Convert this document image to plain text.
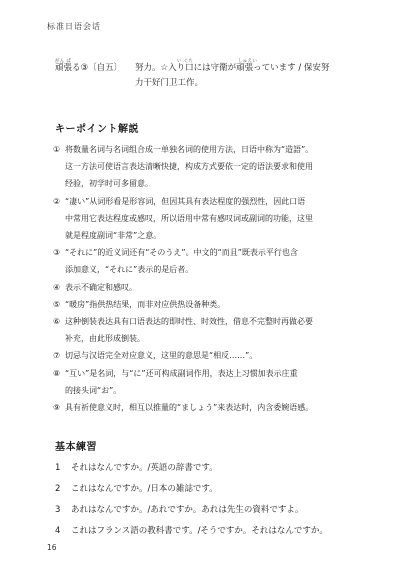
标准日语会话
がん ぱ
頑張る③〔自五〕
い ぐち	しゅえい
努力。☆入り口には守衛が頑張っています / 保安努
力干好门卫工作。
キーポイント解説
① 将数量名词与名词组合成一单独名词的使用方法，日语中称为“造語”。
这一方法可使语言表达清晰快捷，构成方式要依一定的语法要求和使用
经验，初学时可多留意。
② “凄い”从词形看是形容词，但因其具有表达程度的强烈性，因此口语
中常用它表达程度或感叹，所以语用中常有感叹词或副词的功能，这里
就是程度副词“非常”之意。
③ “それに”的近义词还有“そのうえ”。中文的“而且”既表示平行也含
添加意义，“それに”表示的是后者。
④ 表示不确定和感叹。
⑤ “暖房”指供热结果，而非对应供热设备种类。
⑥ 这种倒装表达具有口语表达的即时性、时效性，借息不完整时再做必要
补充，由此形成倒装。
⑦ 切忌与汉语完全对应意义，这里的意思是“相反……”。
⑧ “互い”是名词，与“に”还可构成副词作用，表达上习惯加表示庄重
的接头词“お”。
⑨ 具有祈使意义时，相互以推量的“ましょう”来表达时，内含委婉语感。
基本練習
1 それはなんですか。/英語の辞書です。
2 これはなんですか。/日本の雑誌です。
3 あれはなんですか。/あれですか。あれは先生の資料ですよ。
4 これはフランス語の教科書です。/そうですか。それはなんですか。
16
